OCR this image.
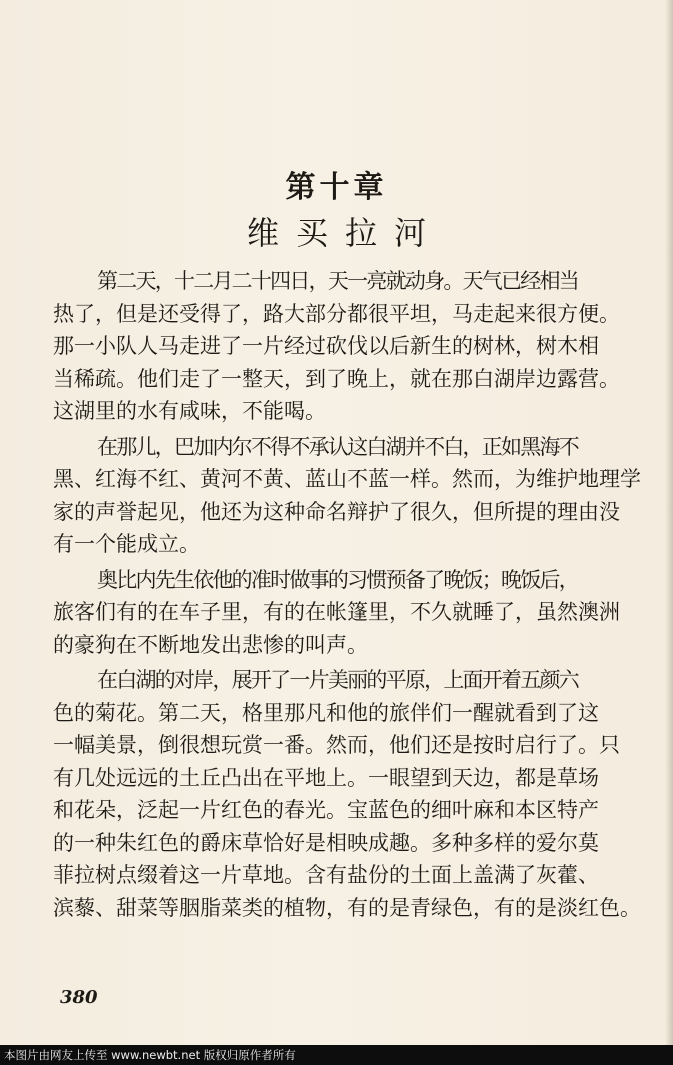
第十章
维买拉河

第二天，十二月二十四日，天一亮就动身。天气已经相当

热了，但是还受得了，路大部分都很平坦，马走起来很方便。
那一小队人马走进了一片经过砍伐以后新生的树林，树木相
当稀疏。他们走了一整天，到了晚上，就在那白湖岸边露营。
这湖里的水有咸味，不能喝。

在那儿，巴加内尔不得不承认这白湖并不白，正如黑海不

黑、红海不红、黄河不黄、蓝山不蓝一样。然而，为维护地理学
家的声誉起见，他还为这种命名辩护了很久，但所提的理由没
有一个能成立。

奥比内先生依他的准时做事的习惯预备了晚饭；晚饭后，

旅客们有的在车子里，有的在帐篷里，不久就睡了，虽然澳洲
的豪狗在不断地发出悲惨的叫声。

在白湖的对岸，展开了一片美丽的平原，上面开着五颜六

色的菊花。第二天，格里那凡和他的旅伴们一醒就看到了这
一幅美景，倒很想玩赏一番。然而，他们还是按时启行了。只
有几处远远的土丘凸出在平地上。一眼望到天边，都是草场
和花朵，泛起一片红色的春光。宝蓝色的细叶麻和本区特产
的一种朱红色的爵床草恰好是相映成趣。多种多样的爱尔莫
菲拉树点缀着这一片草地。含有盐份的土面上盖满了灰藿、
滨藜、甜菜等胭脂菜类的植物，有的是青绿色，有的是淡红色。
380
本图片由网友上传至 www.newbt.net 版权归原作者所有
